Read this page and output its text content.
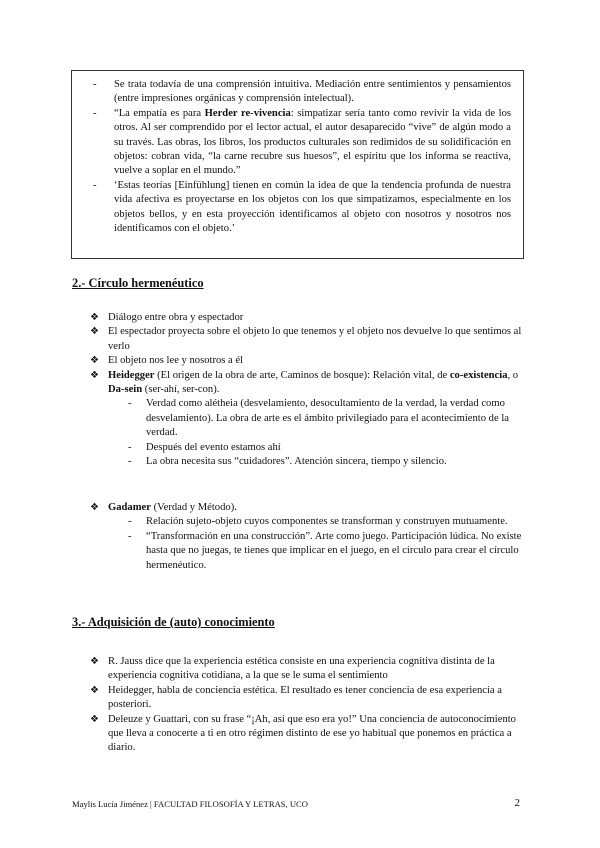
- Se trata todavía de una comprensión intuitiva. Mediación entre sentimientos y pensamientos (entre impresiones orgánicas y comprensión intelectual).
- “La empatía es para Herder re-vivencia: simpatizar sería tanto como revivir la vida de los otros. Al ser comprendido por el lector actual, el autor desaparecido “vive” de algún modo a su través. Las obras, los libros, los productos culturales son redimidos de su solidificación en objetos: cobran vida, “la carne recubre sus huesos”, el espíritu que los informa se reactiva, vuelve a soplar en el mundo.”
- ‘Estas teorías [Einfühlung] tienen en común la idea de que la tendencia profunda de nuestra vida afectiva es proyectarse en los objetos con los que simpatizamos, especialmente en los objetos bellos, y en esta proyección identificamos al objeto con nosotros y nosotros nos identificamos con el objeto.’
2.- Círculo hermenéutico
❖ Diálogo entre obra y espectador
❖ El espectador proyecta sobre el objeto lo que tenemos y el objeto nos devuelve lo que sentimos al verlo
❖ El objeto nos lee y nosotros a él
❖ Heidegger (El origen de la obra de arte, Caminos de bosque): Relación vital, de co-existencia, o Da-sein (ser-ahí, ser-con).
- Verdad como alétheia (desvelamiento, desocultamiento de la verdad, la verdad como desvelamiento). La obra de arte es el ámbito privilegiado para el acontecimiento de la verdad.
- Después del evento estamos ahí
- La obra necesita sus “cuidadores”. Atención sincera, tiempo y silencio.
❖ Gadamer (Verdad y Método).
- Relación sujeto-objeto cuyos componentes se transforman y construyen mutuamente.
- “Transformación en una construcción”. Arte como juego. Participación lúdica. No existe hasta que no juegas, te tienes que implicar en el juego, en el círculo para crear el círculo hermenéutico.
3.- Adquisición de (auto) conocimiento
❖ R. Jauss dice que la experiencia estética consiste en una experiencia cognitiva distinta de la experiencia cognitiva cotidiana, a la que se le suma el sentimiento
❖ Heidegger, habla de conciencia estética. El resultado es tener conciencia de esa experiencia a posteriori.
❖ Deleuze y Guattari, con su frase “¡Ah, así que eso era yo!” Una conciencia de autoconocimiento que lleva a conocerte a ti en otro régimen distinto de ese yo habitual que ponemos en práctica a diario.
Maylis Lucía Jiménez | FACULTAD FILOSOFÍA Y LETRAS, UCO	2
